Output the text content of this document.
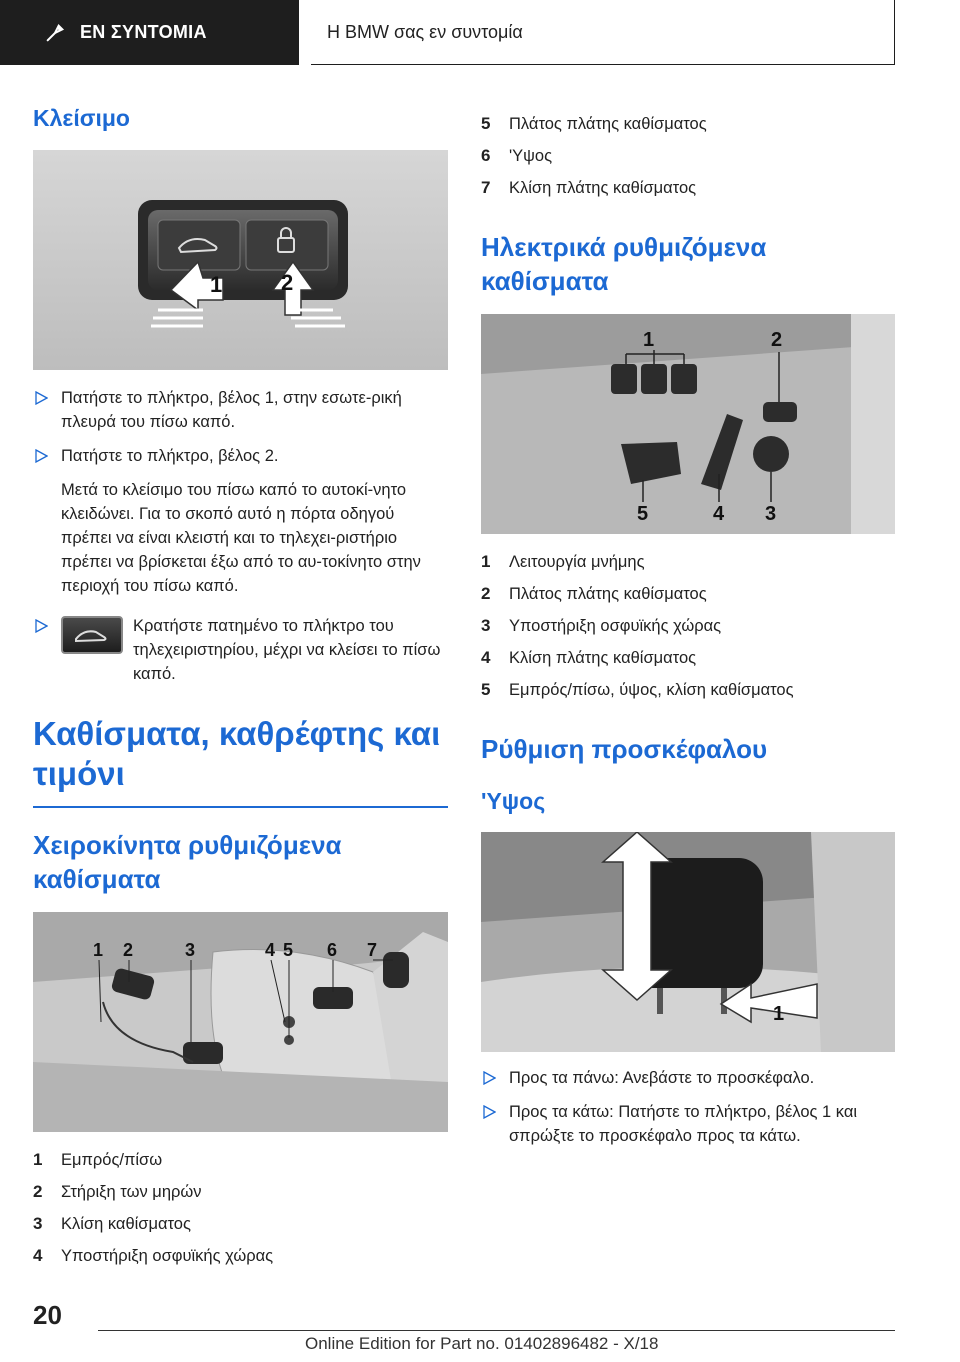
ΕΝ ΣΥΝΤΟΜΙΑ	Η BMW σας εν συντομία
Κλείσιμο
1	2
Πατήστε το πλήκτρο, βέλος 1, στην εσωτε-ρική πλευρά του πίσω καπό.
Πατήστε το πλήκτρο, βέλος 2.
Μετά το κλείσιμο του πίσω καπό το αυτοκί-νητο κλειδώνει. Για το σκοπό αυτό η πόρτα οδηγού πρέπει να είναι κλειστή και το τηλεχει-ριστήριο πρέπει να βρίσκεται έξω από το αυ-τοκίνητο στην περιοχή του πίσω καπό.
Κρατήστε πατημένο το πλήκτρο του τηλεχειριστηρίου, μέχρι να κλείσει το πίσω καπό.
Καθίσματα, καθρέφτης και τιμόνι
Χειροκίνητα ρυθμιζόμενα καθίσματα
1 2	3	4 5 6 7
1	Εμπρός/πίσω
2	Στήριξη των μηρών
3	Κλίση καθίσματος
4	Υποστήριξη οσφυϊκής χώρας
5	Πλάτος πλάτης καθίσματος
6	'Υψος
7	Κλίση πλάτης καθίσματος
Ηλεκτρικά ρυθμιζόμενα καθίσματα
1	2
3
4
5
1	Λειτουργία μνήμης
2	Πλάτος πλάτης καθίσματος
3	Υποστήριξη οσφυϊκής χώρας
4	Κλίση πλάτης καθίσματος
5	Εμπρός/πίσω, ύψος, κλίση καθίσματος
Ρύθμιση προσκέφαλου
'Υψος
1
Προς τα πάνω: Ανεβάστε το προσκέφαλο.
Προς τα κάτω: Πατήστε το πλήκτρο, βέλος 1 και σπρώξτε το προσκέφαλο προς τα κάτω.
20
Online Edition for Part no. 01402896482 - X/18
